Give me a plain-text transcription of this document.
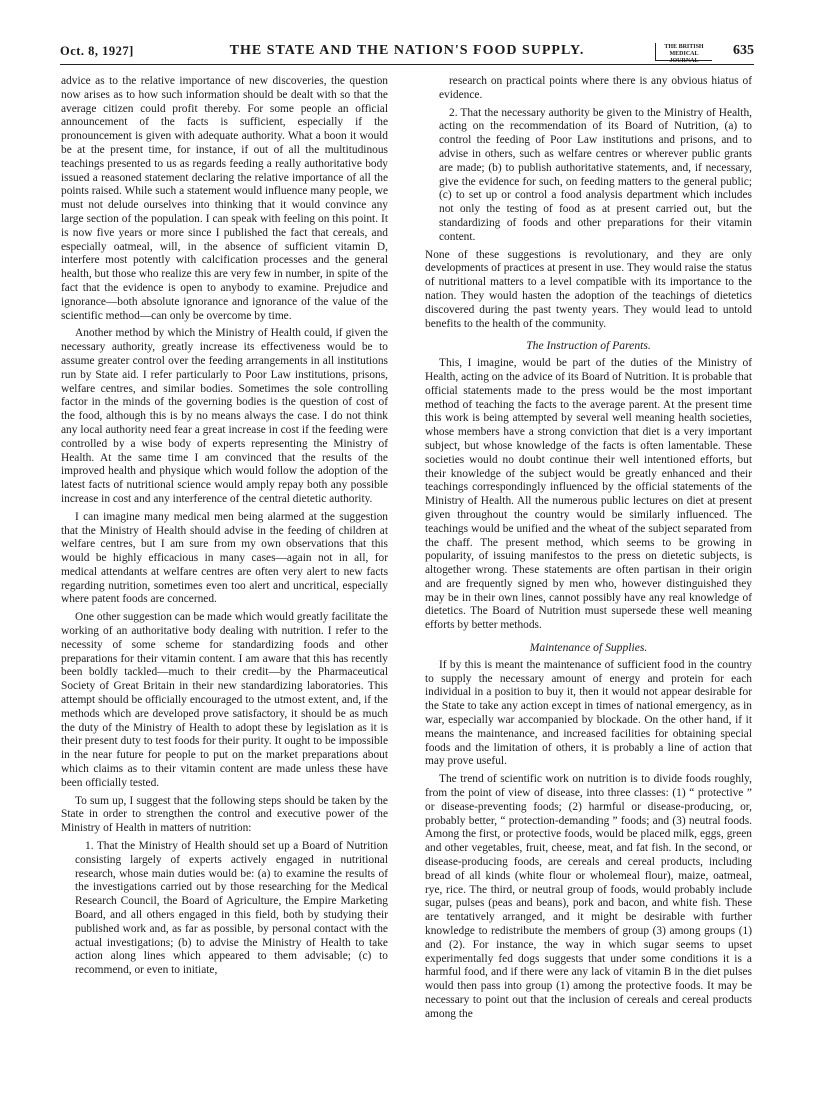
Oct. 8, 1927]	THE STATE AND THE NATION'S FOOD SUPPLY.	THE BRITISH
MEDICAL JOURNAL
635

advice as to the relative importance of new discoveries, the question now arises as to how such information should be dealt with so that the average citizen could profit thereby. For some people an official announcement of the facts is sufficient, especially if the pronouncement is given with adequate authority. What a boon it would be at the present time, for instance, if out of all the multitudinous teachings presented to us as regards feeding a really authoritative body issued a reasoned statement declaring the relative importance of all the points raised. While such a statement would influence many people, we must not delude ourselves into thinking that it would convince any large section of the population. I can speak with feeling on this point. It is now five years or more since I published the fact that cereals, and especially oatmeal, will, in the absence of sufficient vitamin D, interfere most potently with calcification processes and the general health, but those who realize this are very few in number, in spite of the fact that the evidence is open to anybody to examine. Prejudice and ignorance—both absolute ignorance and ignorance of the value of the scientific method—can only be overcome by time.

Another method by which the Ministry of Health could, if given the necessary authority, greatly increase its effectiveness would be to assume greater control over the feeding arrangements in all institutions run by State aid. I refer particularly to Poor Law institutions, prisons, welfare centres, and similar bodies. Sometimes the sole controlling factor in the minds of the governing bodies is the question of cost of the food, although this is by no means always the case. I do not think any local authority need fear a great increase in cost if the feeding were controlled by a wise body of experts representing the Ministry of Health. At the same time I am convinced that the results of the improved health and physique which would follow the adoption of the latest facts of nutritional science would amply repay both any possible increase in cost and any interference of the central dietetic authority.

I can imagine many medical men being alarmed at the suggestion that the Ministry of Health should advise in the feeding of children at welfare centres, but I am sure from my own observations that this would be highly efficacious in many cases—again not in all, for medical attendants at welfare centres are often very alert to new facts regarding nutrition, sometimes even too alert and uncritical, especially where patent foods are concerned.

One other suggestion can be made which would greatly facilitate the working of an authoritative body dealing with nutrition. I refer to the necessity of some scheme for standardizing foods and other preparations for their vitamin content. I am aware that this has recently been boldly tackled—much to their credit—by the Pharmaceutical Society of Great Britain in their new standardizing laboratories. This attempt should be officially encouraged to the utmost extent, and, if the methods which are developed prove satisfactory, it should be as much the duty of the Ministry of Health to adopt these by legislation as it is their present duty to test foods for their purity. It ought to be impossible in the near future for people to put on the market preparations about which claims as to their vitamin content are made unless these have been officially tested.

To sum up, I suggest that the following steps should be taken by the State in order to strengthen the control and executive power of the Ministry of Health in matters of nutrition:

1. That the Ministry of Health should set up a Board of Nutrition consisting largely of experts actively engaged in nutritional research, whose main duties would be: (a) to examine the results of the investigations carried out by those researching for the Medical Research Council, the Board of Agriculture, the Empire Marketing Board, and all others engaged in this field, both by studying their published work and, as far as possible, by personal contact with the actual investigations; (b) to advise the Ministry of Health to take action along lines which appeared to them advisable; (c) to recommend, or even to initiate,

research on practical points where there is any obvious hiatus of evidence.

2. That the necessary authority be given to the Ministry of Health, acting on the recommendation of its Board of Nutrition, (a) to control the feeding of Poor Law institutions and prisons, and to advise in others, such as welfare centres or wherever public grants are made; (b) to publish authoritative statements, and, if necessary, give the evidence for such, on feeding matters to the general public; (c) to set up or control a food analysis department which includes not only the testing of food as at present carried out, but the standardizing of foods and other preparations for their vitamin content.

None of these suggestions is revolutionary, and they are only developments of practices at present in use. They would raise the status of nutritional matters to a level compatible with its importance to the nation. They would hasten the adoption of the teachings of dietetics discovered during the past twenty years. They would lead to untold benefits to the health of the community.

The Instruction of Parents.

This, I imagine, would be part of the duties of the Ministry of Health, acting on the advice of its Board of Nutrition. It is probable that official statements made to the press would be the most important method of teaching the facts to the average parent. At the present time this work is being attempted by several well meaning health societies, whose members have a strong conviction that diet is a very important subject, but whose knowledge of the facts is often lamentable. These societies would no doubt continue their well intentioned efforts, but their knowledge of the subject would be greatly enhanced and their teachings correspondingly influenced by the official statements of the Ministry of Health. All the numerous public lectures on diet at present given throughout the country would be similarly influenced. The teachings would be unified and the wheat of the subject separated from the chaff. The present method, which seems to be growing in popularity, of issuing manifestos to the press on dietetic subjects, is altogether wrong. These statements are often partisan in their origin and are frequently signed by men who, however distinguished they may be in their own lines, cannot possibly have any real knowledge of dietetics. The Board of Nutrition must supersede these well meaning efforts by better methods.

Maintenance of Supplies.

If by this is meant the maintenance of sufficient food in the country to supply the necessary amount of energy and protein for each individual in a position to buy it, then it would not appear desirable for the State to take any action except in times of national emergency, as in war, especially war accompanied by blockade. On the other hand, if it means the maintenance, and increased facilities for obtaining special foods and the limitation of others, it is probably a line of action that may prove useful.

The trend of scientific work on nutrition is to divide foods roughly, from the point of view of disease, into three classes: (1) “ protective ” or disease-preventing foods; (2) harmful or disease-producing, or, probably better, “ protection-demanding ” foods; and (3) neutral foods. Among the first, or protective foods, would be placed milk, eggs, green and other vegetables, fruit, cheese, meat, and fat fish. In the second, or disease-producing foods, are cereals and cereal products, including bread of all kinds (white flour or wholemeal flour), maize, oatmeal, rye, rice. The third, or neutral group of foods, would probably include sugar, pulses (peas and beans), pork and bacon, and white fish. These are tentatively arranged, and it might be desirable with further knowledge to redistribute the members of group (3) among groups (1) and (2). For instance, the way in which sugar seems to upset experimentally fed dogs suggests that under some conditions it is a harmful food, and if there were any lack of vitamin B in the diet pulses would then pass into group (1) among the protective foods. It may be necessary to point out that the inclusion of cereals and cereal products among the
